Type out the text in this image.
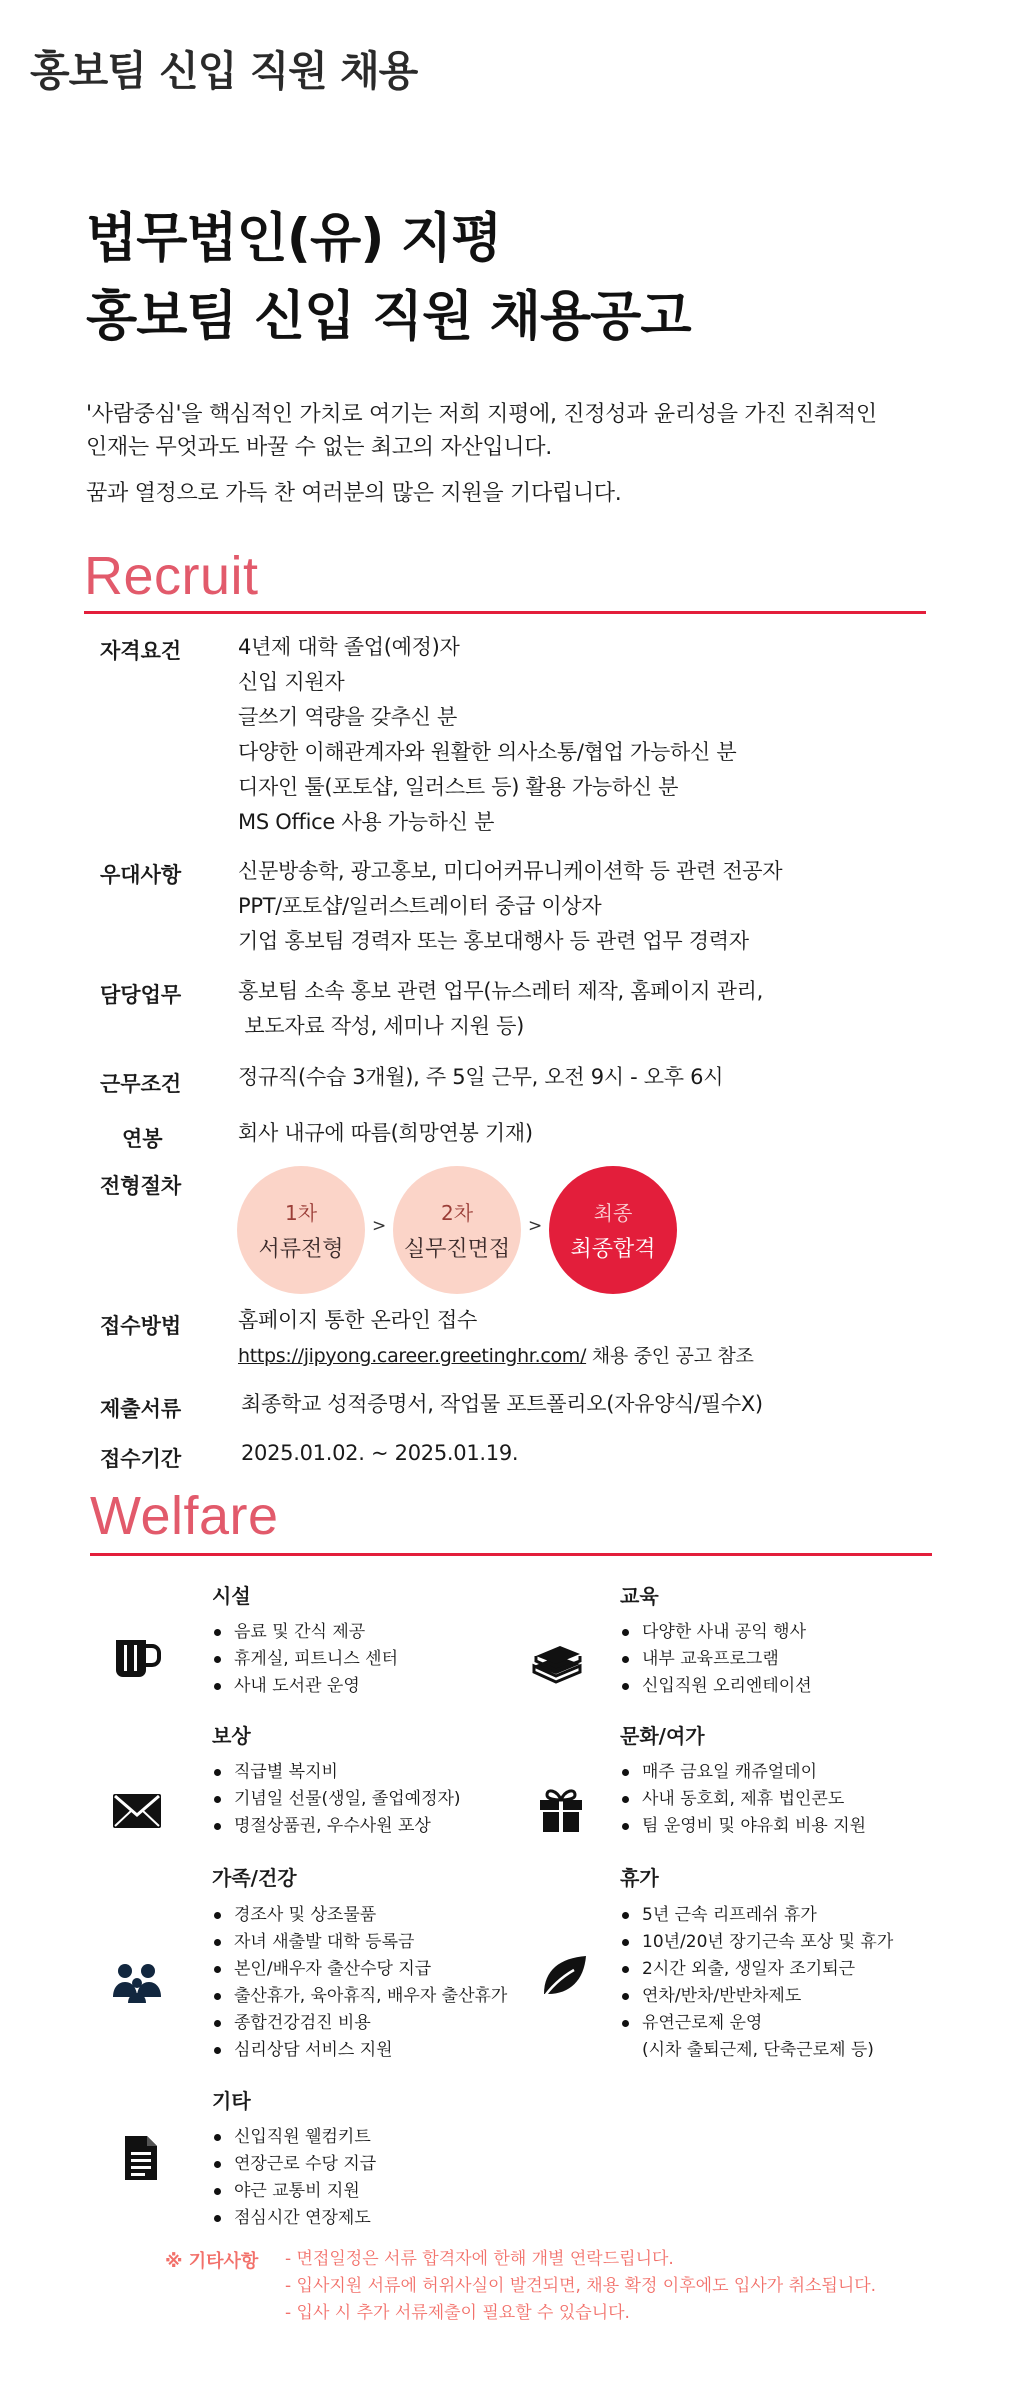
홍보팀 신입 직원 채용
법무법인(유) 지평
홍보팀 신입 직원 채용공고

'사람중심'을 핵심적인 가치로 여기는 저희 지평에, 진정성과 윤리성을 가진 진취적인
인재는 무엇과도 바꿀 수 없는 최고의 자산입니다.

꿈과 열정으로 가득 찬 여러분의 많은 지원을 기다립니다.

Recruit
자격요건	4년제 대학 졸업(예정)자
신입 지원자
글쓰기 역량을 갖추신 분
다양한 이해관계자와 원활한 의사소통/협업 가능하신 분
디자인 툴(포토샵, 일러스트 등) 활용 가능하신 분
MS Office 사용 가능하신 분
우대사항	신문방송학, 광고홍보, 미디어커뮤니케이션학 등 관련 전공자
PPT/포토샵/일러스트레이터 중급 이상자
기업 홍보팀 경력자 또는 홍보대행사 등 관련 업무 경력자
담당업무	홍보팀 소속 홍보 관련 업무(뉴스레터 제작, 홈페이지 관리,
보도자료 작성, 세미나 지원 등)
근무조건	정규직(수습 3개월), 주 5일 근무, 오전 9시 - 오후 6시
연봉	회사 내규에 따름(희망연봉 기재)
전형절차
1차
서류전형
>
2차
실무진면접
>
최종
최종합격
접수방법	홈페이지 통한 온라인 접수
https://jipyong.career.greetinghr.com/ 채용 중인 공고 참조
제출서류	최종학교 성적증명서, 작업물 포트폴리오(자유양식/필수X)
접수기간	2025.01.02. ~ 2025.01.19.
Welfare
시설
음료 및 간식 제공
휴게실, 피트니스 센터
사내 도서관 운영
교육
다양한 사내 공익 행사
내부 교육프로그램
신입직원 오리엔테이션
보상
직급별 복지비
기념일 선물(생일, 졸업예정자)
명절상품권, 우수사원 포상
문화/여가
매주 금요일 캐쥬얼데이
사내 동호회, 제휴 법인콘도
팀 운영비 및 야유회 비용 지원
가족/건강
경조사 및 상조물품
자녀 새출발 대학 등록금
본인/배우자 출산수당 지급
출산휴가, 육아휴직, 배우자 출산휴가
종합건강검진 비용
심리상담 서비스 지원
휴가
5년 근속 리프레쉬 휴가
10년/20년 장기근속 포상 및 휴가
2시간 외출, 생일자 조기퇴근
연차/반차/반반차제도
유연근로제 운영
(시차 출퇴근제, 단축근로제 등)
기타
신입직원 웰컴키트
연장근로 수당 지급
야근 교통비 지원
점심시간 연장제도
※ 기타사항 - 면접일정은 서류 합격자에 한해 개별 연락드립니다.
- 입사지원 서류에 허위사실이 발견되면, 채용 확정 이후에도 입사가 취소됩니다.
- 입사 시 추가 서류제출이 필요할 수 있습니다.
